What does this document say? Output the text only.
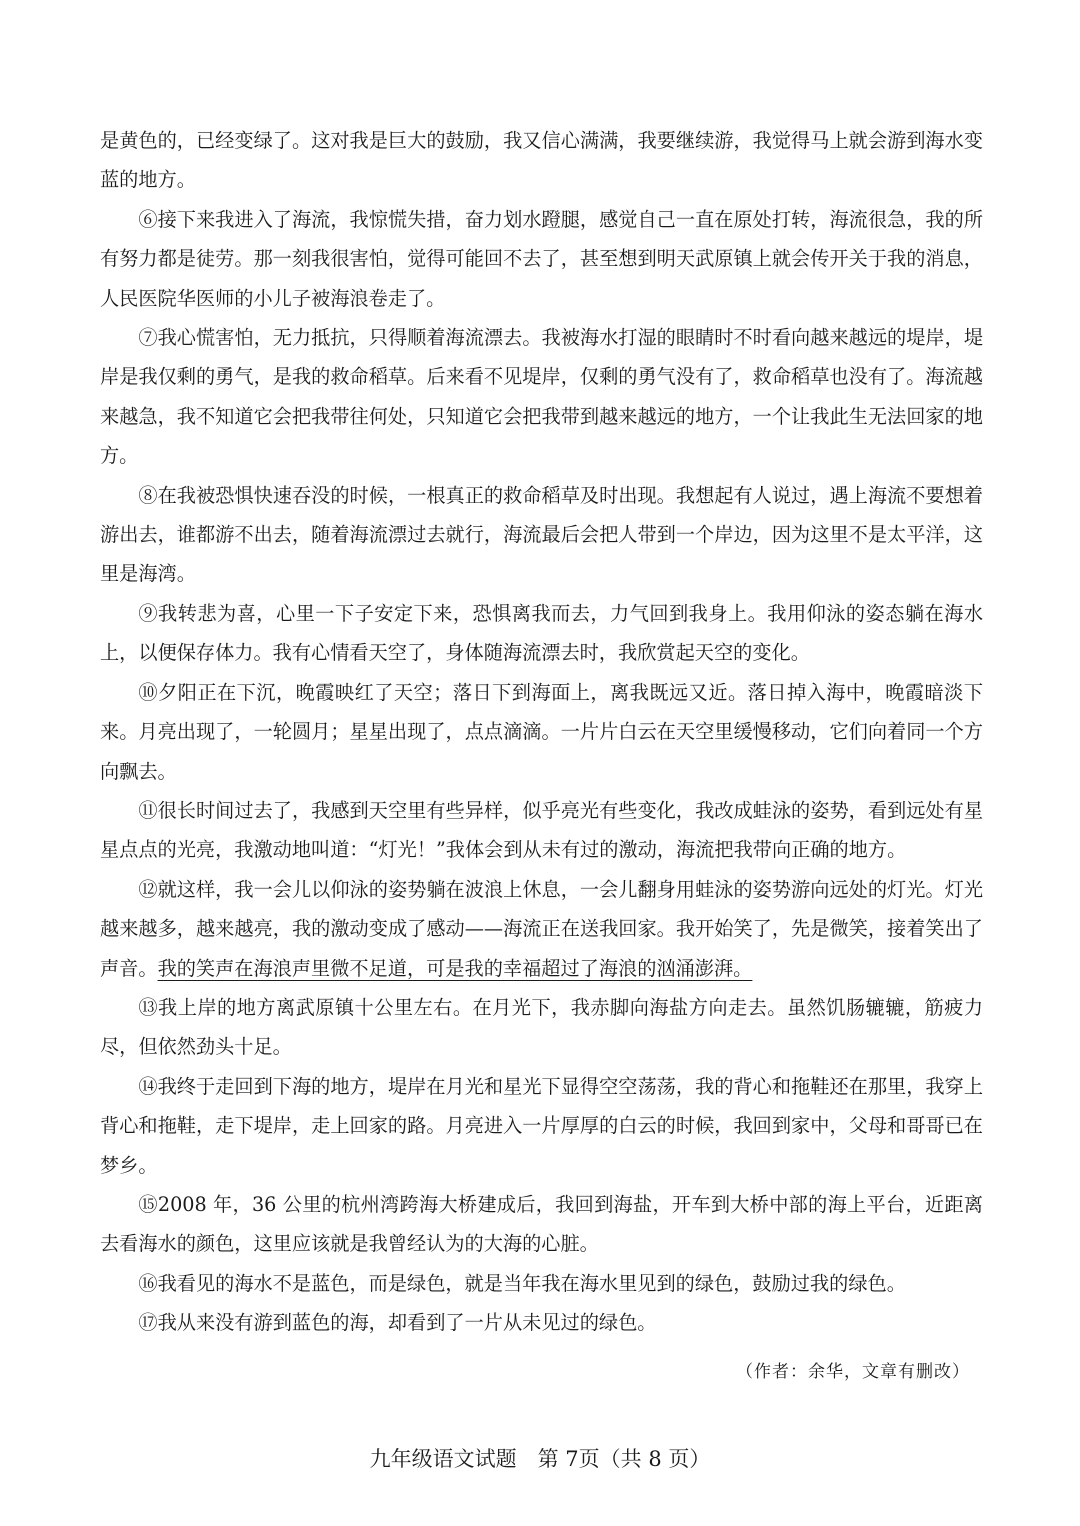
是黄色的，已经变绿了。这对我是巨大的鼓励，我又信心满满，我要继续游，我觉得马上就会游到海水变蓝的地方。

⑥接下来我进入了海流，我惊慌失措，奋力划水蹬腿，感觉自己一直在原处打转，海流很急，我的所有努力都是徒劳。那一刻我很害怕，觉得可能回不去了，甚至想到明天武原镇上就会传开关于我的消息，人民医院华医师的小儿子被海浪卷走了。

⑦我心慌害怕，无力抵抗，只得顺着海流漂去。我被海水打湿的眼睛时不时看向越来越远的堤岸，堤岸是我仅剩的勇气，是我的救命稻草。后来看不见堤岸，仅剩的勇气没有了，救命稻草也没有了。海流越来越急，我不知道它会把我带往何处，只知道它会把我带到越来越远的地方，一个让我此生无法回家的地方。

⑧在我被恐惧快速吞没的时候，一根真正的救命稻草及时出现。我想起有人说过，遇上海流不要想着游出去，谁都游不出去，随着海流漂过去就行，海流最后会把人带到一个岸边，因为这里不是太平洋，这里是海湾。

⑨我转悲为喜，心里一下子安定下来，恐惧离我而去，力气回到我身上。我用仰泳的姿态躺在海水上，以便保存体力。我有心情看天空了，身体随海流漂去时，我欣赏起天空的变化。

⑩夕阳正在下沉，晚霞映红了天空；落日下到海面上，离我既远又近。落日掉入海中，晚霞暗淡下来。月亮出现了，一轮圆月；星星出现了，点点滴滴。一片片白云在天空里缓慢移动，它们向着同一个方向飘去。

⑪很长时间过去了，我感到天空里有些异样，似乎亮光有些变化，我改成蛙泳的姿势，看到远处有星星点点的光亮，我激动地叫道：“灯光！”我体会到从未有过的激动，海流把我带向正确的地方。

⑫就这样，我一会儿以仰泳的姿势躺在波浪上休息，一会儿翻身用蛙泳的姿势游向远处的灯光。灯光越来越多，越来越亮，我的激动变成了感动——海流正在送我回家。我开始笑了，先是微笑，接着笑出了声音。我的笑声在海浪声里微不足道，可是我的幸福超过了海浪的汹涌澎湃。

⑬我上岸的地方离武原镇十公里左右。在月光下，我赤脚向海盐方向走去。虽然饥肠辘辘，筋疲力尽，但依然劲头十足。

⑭我终于走回到下海的地方，堤岸在月光和星光下显得空空荡荡，我的背心和拖鞋还在那里，我穿上背心和拖鞋，走下堤岸，走上回家的路。月亮进入一片厚厚的白云的时候，我回到家中，父母和哥哥已在梦乡。

⑮2008 年，36 公里的杭州湾跨海大桥建成后，我回到海盐，开车到大桥中部的海上平台，近距离去看海水的颜色，这里应该就是我曾经认为的大海的心脏。

⑯我看见的海水不是蓝色，而是绿色，就是当年我在海水里见到的绿色，鼓励过我的绿色。

⑰我从来没有游到蓝色的海，却看到了一片从未见过的绿色。

（作者：余华，文章有删改）
九年级语文试题　第 7页（共 8 页）
